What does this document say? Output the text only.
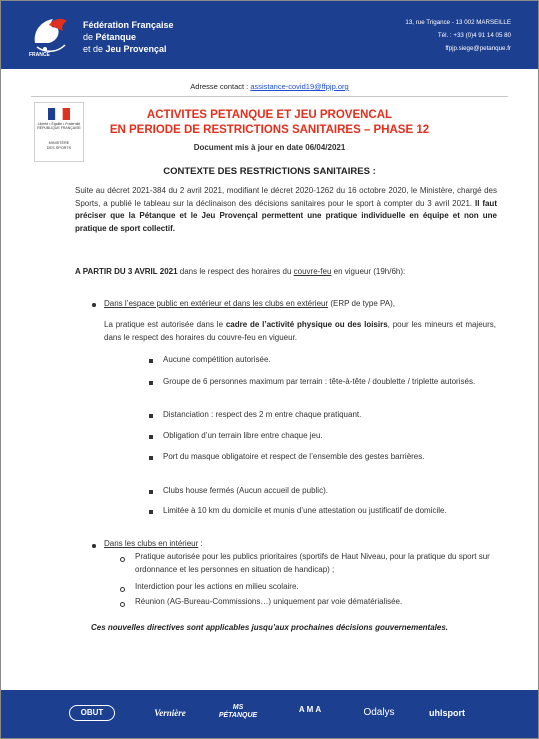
FRANCE
Fédération Française
de Pétanque
et de Jeu Provençal
13, rue Trigance - 13 002 MARSEILLE
Tél. : +33 (0)4 91 14 05 80
ffpjp.siege@petanque.fr
Adresse contact : assistance-covid19@ffpjp.org
Liberté • Égalité • Fraternité RÉPUBLIQUE FRANÇAISE
MINISTÈRE
DES SPORTS
ACTIVITES PETANQUE ET JEU PROVENCAL
EN PERIODE DE RESTRICTIONS SANITAIRES – PHASE 12
Document mis à jour en date 06/04/2021
CONTEXTE DES RESTRICTIONS SANITAIRES :
Suite au décret 2021-384 du 2 avril 2021, modifiant le décret 2020-1262 du 16 octobre 2020, le Ministère, chargé des Sports, a publié le tableau sur la déclinaison des décisions sanitaires pour le sport à compter du 3 avril 2021. Il faut préciser que la Pétanque et le Jeu Provençal permettent une pratique individuelle en équipe et non une pratique de sport collectif.
A PARTIR DU 3 AVRIL 2021 dans le respect des horaires du couvre-feu en vigueur (19h/6h):
Dans l’espace public en extérieur et dans les clubs en extérieur (ERP de type PA),
La pratique est autorisée dans le cadre de l’activité physique ou des loisirs, pour les mineurs et majeurs, dans le respect des horaires du couvre-feu en vigueur.
Aucune compétition autorisée.
Groupe de 6 personnes maximum par terrain : tête-à-tête / doublette / triplette autorisés.
Distanciation : respect des 2 m entre chaque pratiquant.
Obligation d’un terrain libre entre chaque jeu.
Port du masque obligatoire et respect de l’ensemble des gestes barrières.
Clubs house fermés (Aucun accueil de public).
Limitée à 10 km du domicile et munis d’une attestation ou justificatif de domicile.
Dans les clubs en intérieur :
Pratique autorisée pour les publics prioritaires (sportifs de Haut Niveau, pour la pratique du sport sur ordonnance et les personnes en situation de handicap) ;
Interdiction pour les actions en milieu scolaire.
Réunion (AG-Bureau-Commissions…) uniquement par voie dématérialisée.
Ces nouvelles directives sont applicables jusqu’aux prochaines décisions gouvernementales.
OBUT	Vernière
MS PÉTANQUE
AMA	Odalys	uhlsport
